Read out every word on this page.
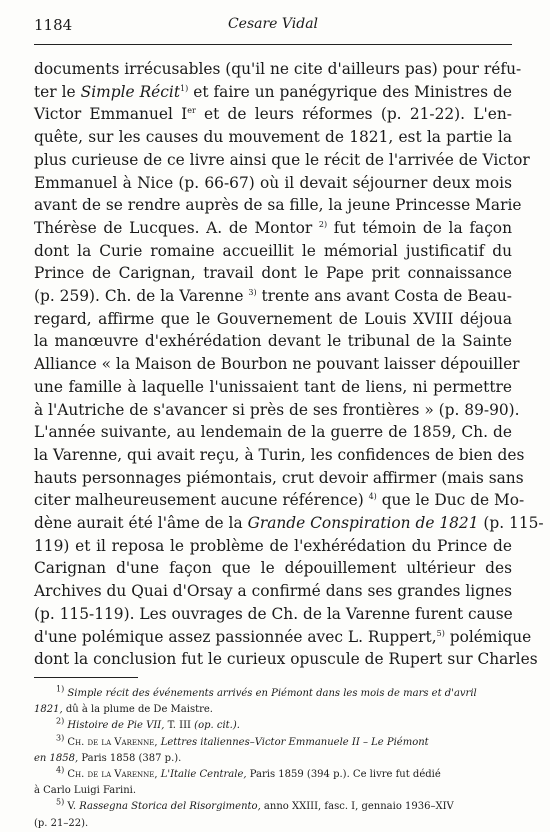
1184	Cesare Vidal
documents irrécusables (qu'il ne cite d'ailleurs pas) pour réfu-
ter le Simple Récit$^{1)}$ et faire un panégyrique des Ministres de
Victor Emmanuel Ier et de leurs réformes (p. 21-22). L'en-
quête, sur les causes du mouvement de 1821, est la partie la
plus curieuse de ce livre ainsi que le récit de l'arrivée de Victor
Emmanuel à Nice (p. 66-67) où il devait séjourner deux mois
avant de se rendre auprès de sa fille, la jeune Princesse Marie
Thérèse de Lucques. A. de Montor $^{2)}$ fut témoin de la façon
dont la Curie romaine accueillit le mémorial justificatif du
Prince de Carignan, travail dont le Pape prit connaissance
(p. 259). Ch. de la Varenne $^{3)}$ trente ans avant Costa de Beau-
regard, affirme que le Gouvernement de Louis XVIII déjoua
la manœuvre d'exhérédation devant le tribunal de la Sainte
Alliance « la Maison de Bourbon ne pouvant laisser dépouiller
une famille à laquelle l'unissaient tant de liens, ni permettre
à l'Autriche de s'avancer si près de ses frontières » (p. 89-90).
L'année suivante, au lendemain de la guerre de 1859, Ch. de
la Varenne, qui avait reçu, à Turin, les confidences de bien des
hauts personnages piémontais, crut devoir affirmer (mais sans
citer malheureusement aucune référence) $^{4)}$ que le Duc de Mo-
dène aurait été l'âme de la Grande Conspiration de 1821 (p. 115-
119) et il reposa le problème de l'exhérédation du Prince de
Carignan d'une façon que le dépouillement ultérieur des
Archives du Quai d'Orsay a confirmé dans ses grandes lignes
(p. 115-119). Les ouvrages de Ch. de la Varenne furent cause
d'une polémique assez passionnée avec L. Ruppert,$^{5)}$ polémique
dont la conclusion fut le curieux opuscule de Rupert sur Charles
$^{1)}$ Simple récit des événements arrivés en Piémont dans les mois de mars et d'avril
1821, dû à la plume de De Maistre.
$^{2)}$ Histoire de Pie VII, T. III (op. cit.).
$^{3)}$ Ch. de la Varenne, Lettres italiennes–Victor Emmanuele II – Le Piémont
en 1858, Paris 1858 (387 p.).
$^{4)}$ Ch. de la Varenne, L'Italie Centrale, Paris 1859 (394 p.). Ce livre fut dédié
à Carlo Luigi Farini.
$^{5)}$ V. Rassegna Storica del Risorgimento, anno XXIII, fasc. I, gennaio 1936–XIV
(p. 21–22).
